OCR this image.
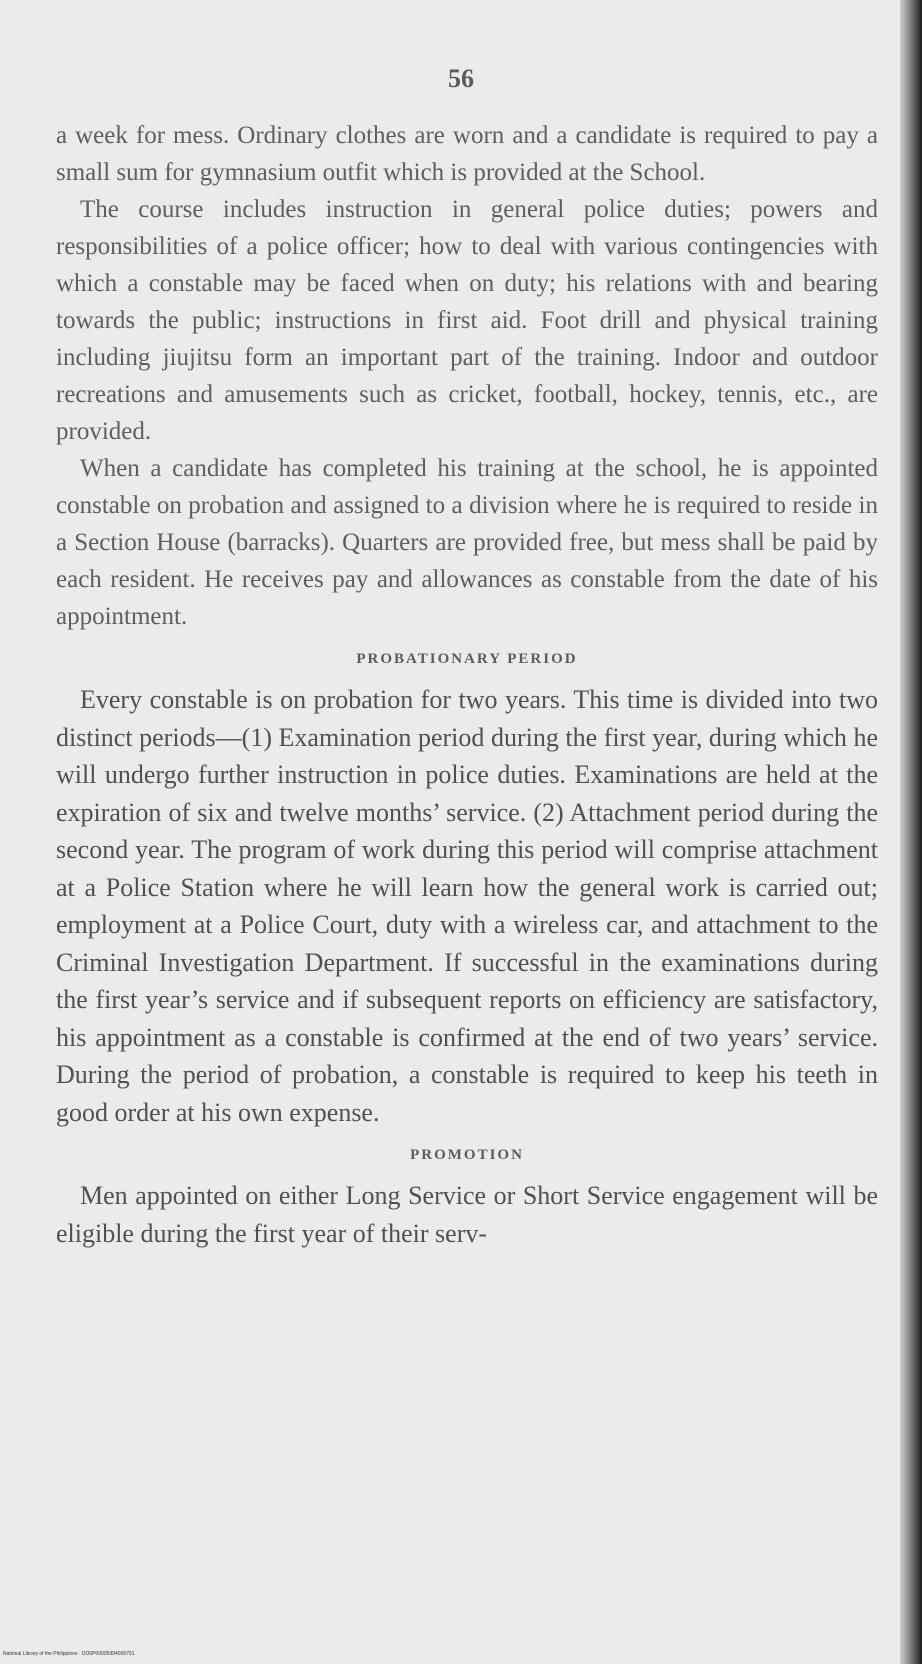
56

a week for mess. Ordinary clothes are worn and a candidate is required to pay a small sum for gymnasium outfit which is provided at the School.

The course includes instruction in general police duties; powers and responsibilities of a police officer; how to deal with various contingencies with which a constable may be faced when on duty; his relations with and bearing towards the public; instructions in first aid. Foot drill and physical training including jiujitsu form an important part of the training. Indoor and outdoor recreations and amusements such as cricket, football, hockey, tennis, etc., are provided.

When a candidate has completed his training at the school, he is appointed constable on probation and assigned to a division where he is required to reside in a Section House (barracks). Quarters are provided free, but mess shall be paid by each resident. He receives pay and allowances as constable from the date of his appointment.

PROBATIONARY PERIOD

Every constable is on probation for two years. This time is divided into two distinct periods—(1) Examination period during the first year, during which he will undergo further instruction in police duties. Examinations are held at the expiration of six and twelve months’ service. (2) Attachment period during the second year. The program of work during this period will comprise attachment at a Police Station where he will learn how the general work is carried out; employment at a Police Court, duty with a wireless car, and attachment to the Criminal Investigation Department. If successful in the examinations during the first year’s service and if subsequent reports on efficiency are satisfactory, his appointment as a constable is confirmed at the end of two years’ service. During the period of probation, a constable is required to keep his teeth in good order at his own expense.

PROMOTION

Men appointed on either Long Service or Short Service engagement will be eligible during the first year of their serv-

National Library of the Philippines · DO0P00005904005791
